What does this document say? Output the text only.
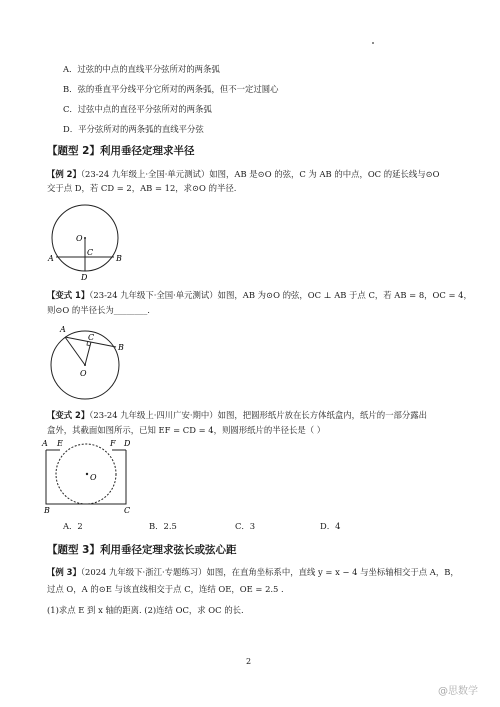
A．过弦的中点的直线平分弦所对的两条弧
B．弦的垂直平分线平分它所对的两条弧，但不一定过圆心
C．过弦中点的直径平分弦所对的两条弧
D．平分弦所对的两条弧的直线平分弦
【题型 2】利用垂径定理求半径
【例 2】（23-24 九年级上·全国·单元测试）如图，AB 是⊙O 的弦，C 为 AB 的中点，OC 的延长线与⊙O
交于点 D，若 CD = 2，AB = 12，求⊙O 的半径.
O
C
A	B
D
【变式 1】（23-24 九年级下·全国·单元测试）如图，AB 为⊙O 的弦，OC ⊥ AB 于点 C，若 AB = 8，OC = 4，
则⊙O 的半径长为________.
A
C
B
O
【变式 2】（23-24 九年级上·四川广安·期中）如图，把圆形纸片放在长方体纸盒内，纸片的一部分露出
盒外，其截面如图所示，已知 EF = CD = 4，则圆形纸片的半径长是（ ）
A E	F D
O
B	C
A．2	B．2.5	C．3	D．4
【题型 3】利用垂径定理求弦长或弦心距
【例 3】（2024 九年级下·浙江·专题练习）如图，在直角坐标系中，直线 y = x − 4 与坐标轴相交于点 A，B，
过点 O，A 的⊙E 与该直线相交于点 C，连结 OE，OE = 2.5 .
(1)求点 E 到 x 轴的距离. (2)连结 OC，求 OC 的长.
2
@思数学
